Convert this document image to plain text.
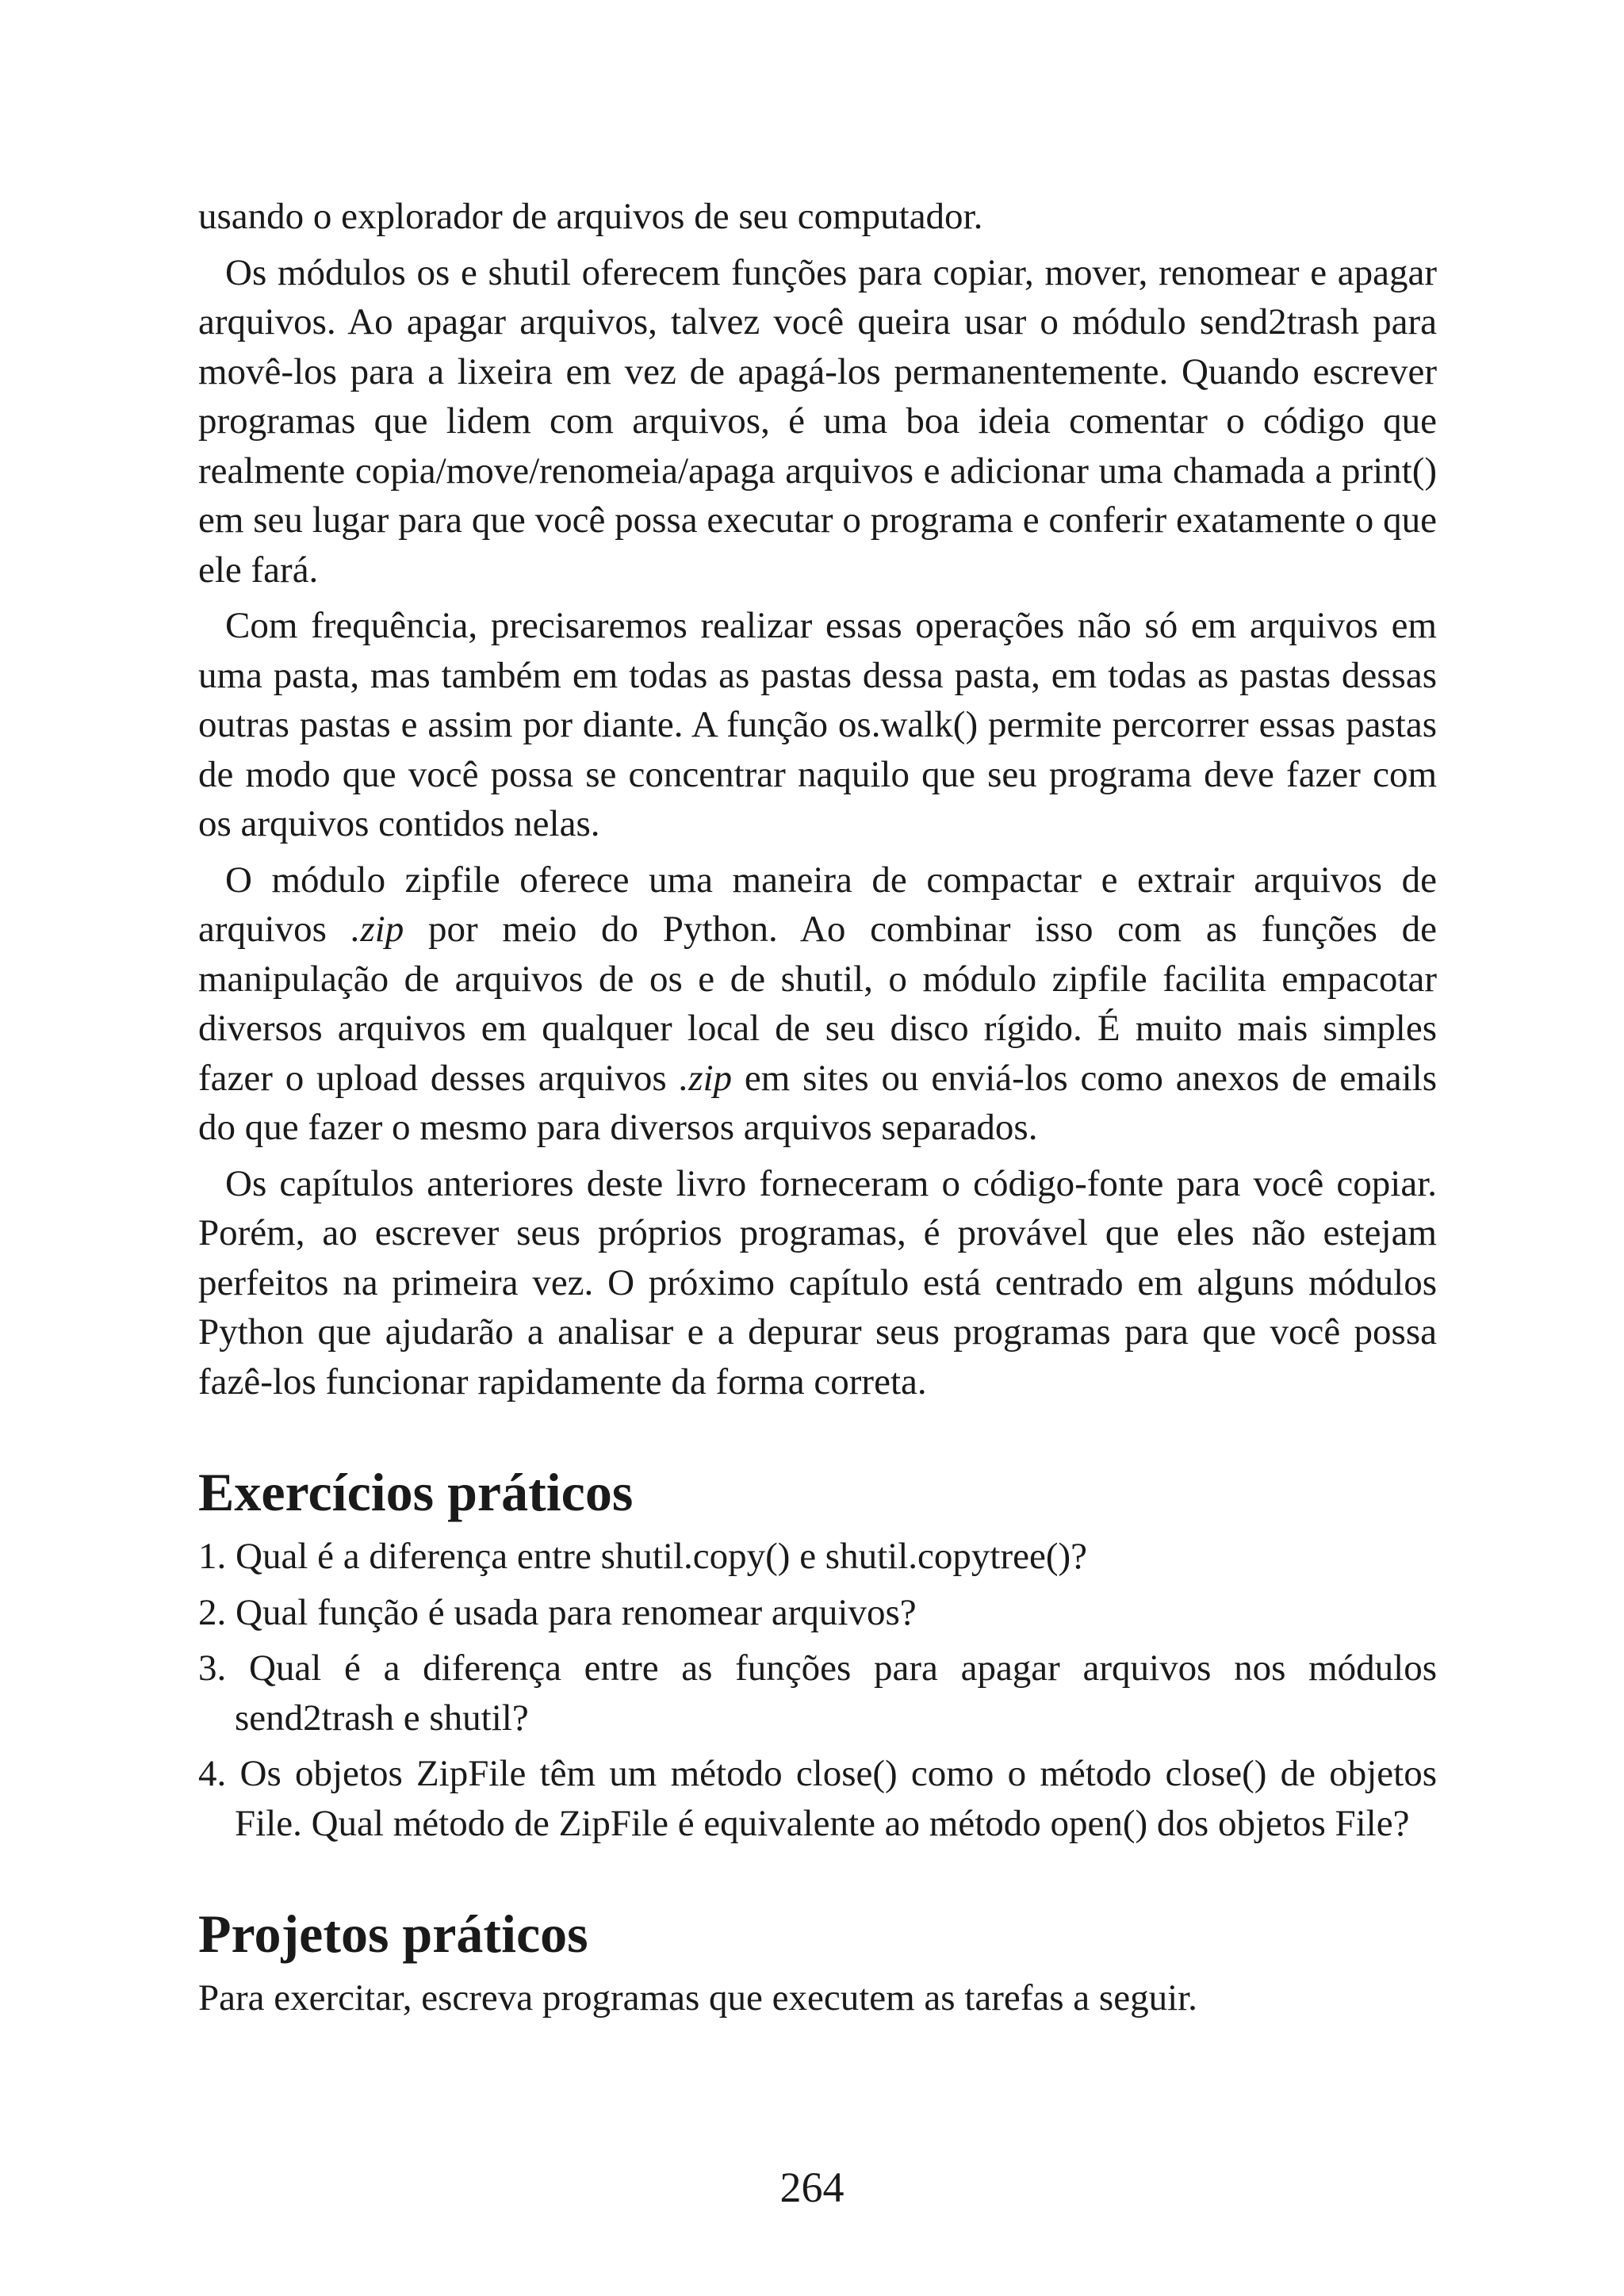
usando o explorador de arquivos de seu computador.

Os módulos os e shutil oferecem funções para copiar, mover, renomear e apagar arquivos. Ao apagar arquivos, talvez você queira usar o módulo send2trash para movê-los para a lixeira em vez de apagá-los permanentemente. Quando escrever programas que lidem com arquivos, é uma boa ideia comentar o código que realmente copia/move/renomeia/apaga arquivos e adicionar uma chamada a print() em seu lugar para que você possa executar o programa e conferir exatamente o que ele fará.

Com frequência, precisaremos realizar essas operações não só em arquivos em uma pasta, mas também em todas as pastas dessa pasta, em todas as pastas dessas outras pastas e assim por diante. A função os.walk() permite percorrer essas pastas de modo que você possa se concentrar naquilo que seu programa deve fazer com os arquivos contidos nelas.

O módulo zipfile oferece uma maneira de compactar e extrair arquivos de arquivos .zip por meio do Python. Ao combinar isso com as funções de manipulação de arquivos de os e de shutil, o módulo zipfile facilita empacotar diversos arquivos em qualquer local de seu disco rígido. É muito mais simples fazer o upload desses arquivos .zip em sites ou enviá-los como anexos de emails do que fazer o mesmo para diversos arquivos separados.

Os capítulos anteriores deste livro forneceram o código-fonte para você copiar. Porém, ao escrever seus próprios programas, é provável que eles não estejam perfeitos na primeira vez. O próximo capítulo está centrado em alguns módulos Python que ajudarão a analisar e a depurar seus programas para que você possa fazê-los funcionar rapidamente da forma correta.

Exercícios práticos
1. Qual é a diferença entre shutil.copy() e shutil.copytree()?
2. Qual função é usada para renomear arquivos?
3. Qual é a diferença entre as funções para apagar arquivos nos módulos send2trash e shutil?
4. Os objetos ZipFile têm um método close() como o método close() de objetos File. Qual método de ZipFile é equivalente ao método open() dos objetos File?
Projetos práticos

Para exercitar, escreva programas que executem as tarefas a seguir.

264
